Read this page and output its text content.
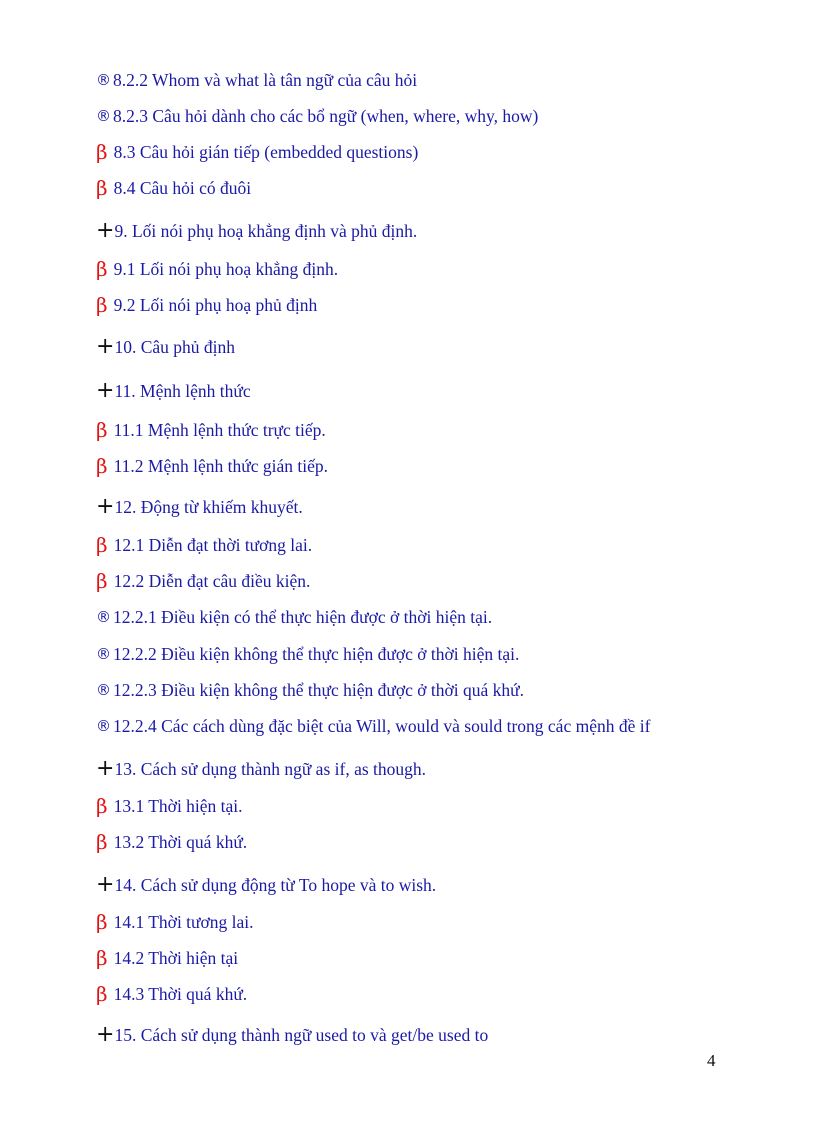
® 8.2.2 Whom và what là tân ngữ của câu hỏi
® 8.2.3 Câu hỏi dành cho các bổ ngữ (when, where, why, how)
β 8.3 Câu hỏi gián tiếp (embedded questions)
β 8.4 Câu hỏi có đuôi
+ 9. Lối nói phụ hoạ khẳng định và phủ định.
β 9.1 Lối nói phụ hoạ khẳng định.
β 9.2 Lối nói phụ hoạ phủ định
+ 10. Câu phủ định
+ 11. Mệnh lệnh thức
β 11.1 Mệnh lệnh thức trực tiếp.
β 11.2 Mệnh lệnh thức gián tiếp.
+ 12. Động từ khiếm khuyết.
β 12.1 Diễn đạt thời tương lai.
β 12.2 Diễn đạt câu điều kiện.
® 12.2.1 Điều kiện có thể thực hiện được ở thời hiện tại.
® 12.2.2 Điều kiện không thể thực hiện được ở thời hiện tại.
® 12.2.3 Điều kiện không thể thực hiện được ở thời quá khứ.
® 12.2.4 Các cách dùng đặc biệt của Will, would và sould trong các mệnh đề if
+ 13. Cách sử dụng thành ngữ as if, as though.
β 13.1 Thời hiện tại.
β 13.2 Thời quá khứ.
+ 14. Cách sử dụng động từ To hope và to wish.
β 14.1 Thời tương lai.
β 14.2 Thời hiện tại
β 14.3 Thời quá khứ.
+ 15. Cách sử dụng thành ngữ used to và get/be used to
4
